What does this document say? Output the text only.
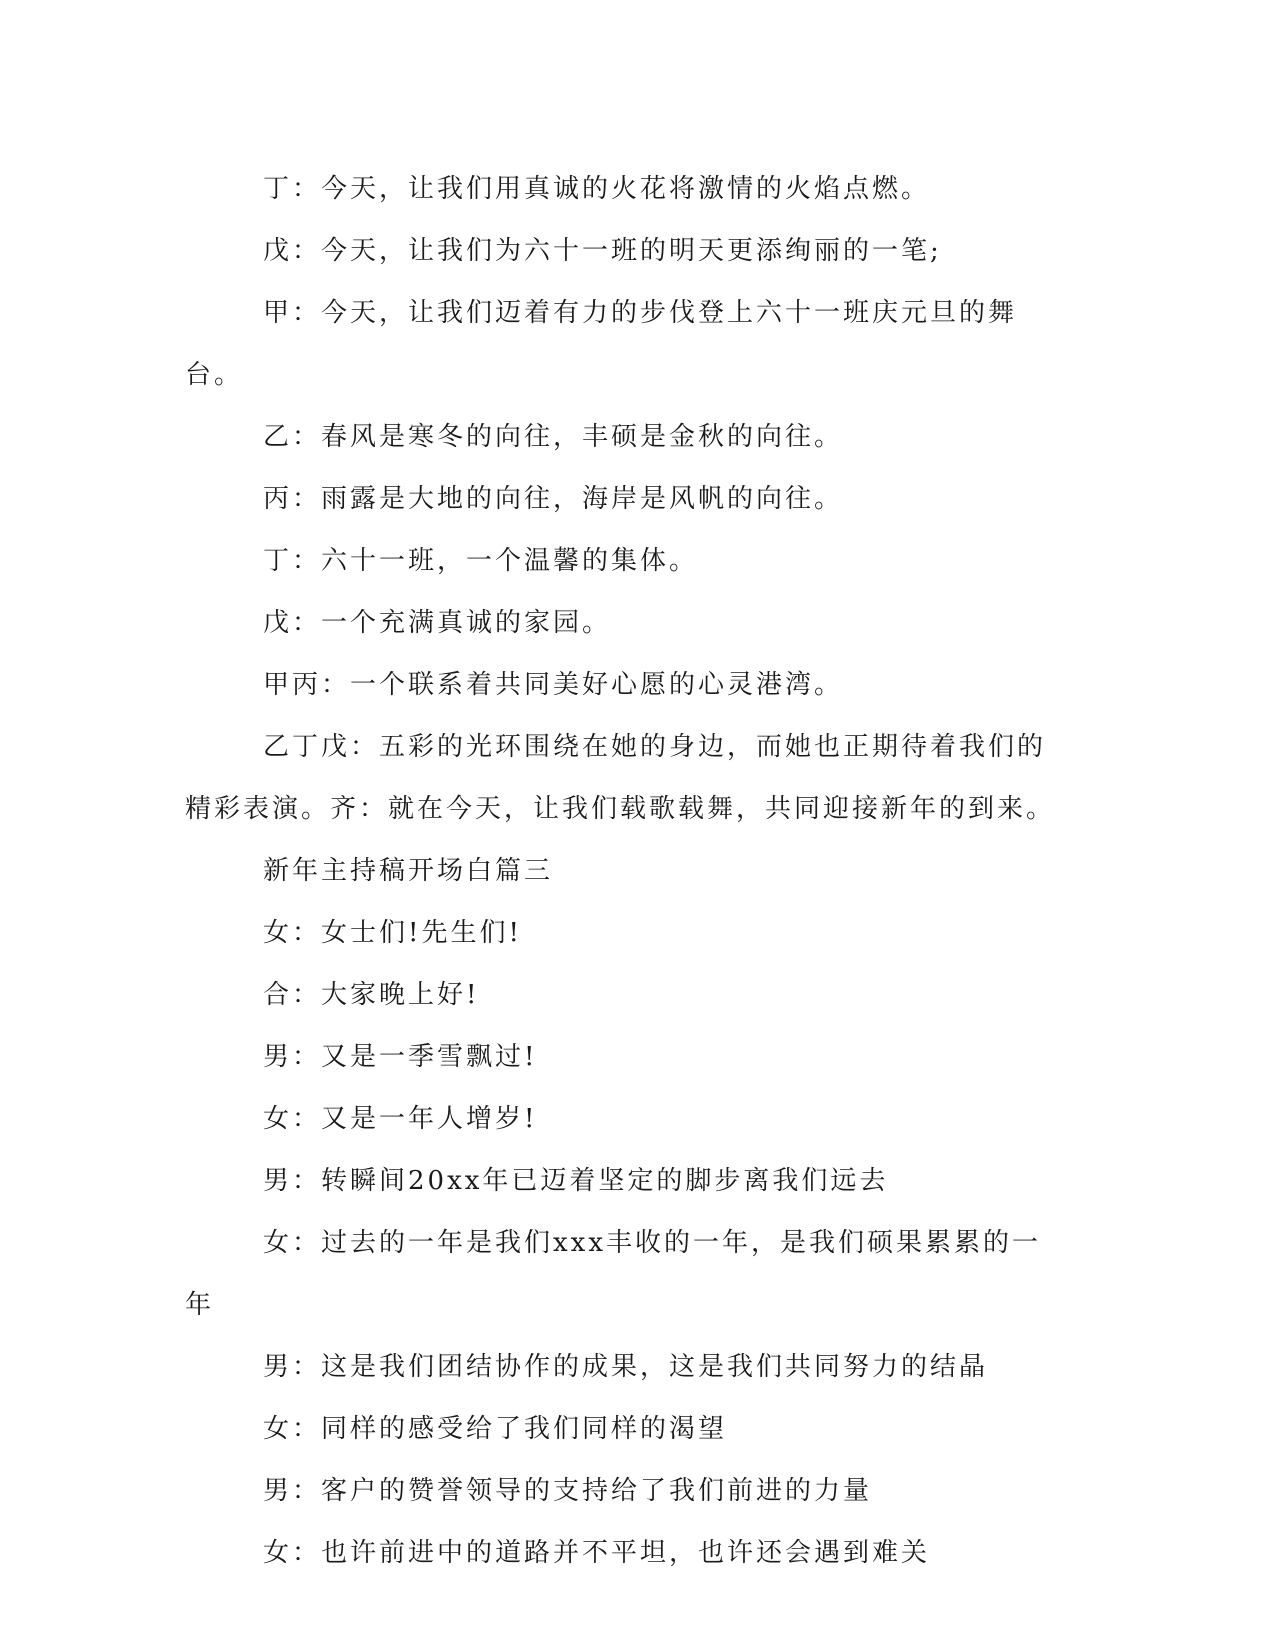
丁：今天，让我们用真诚的火花将激情的火焰点燃。

戊：今天，让我们为六十一班的明天更添绚丽的一笔;

甲：今天，让我们迈着有力的步伐登上六十一班庆元旦的舞台。

乙：春风是寒冬的向往，丰硕是金秋的向往。

丙：雨露是大地的向往，海岸是风帆的向往。

丁：六十一班，一个温馨的集体。

戊：一个充满真诚的家园。

甲丙：一个联系着共同美好心愿的心灵港湾。

乙丁戊：五彩的光环围绕在她的身边，而她也正期待着我们的精彩表演。齐：就在今天，让我们载歌载舞，共同迎接新年的到来。

新年主持稿开场白篇三

女：女士们!先生们!

合：大家晚上好!

男：又是一季雪飘过!

女：又是一年人增岁!

男：转瞬间20xx年已迈着坚定的脚步离我们远去

女：过去的一年是我们xxx丰收的一年，是我们硕果累累的一年

男：这是我们团结协作的成果，这是我们共同努力的结晶

女：同样的感受给了我们同样的渴望

男：客户的赞誉领导的支持给了我们前进的力量

女：也许前进中的道路并不平坦，也许还会遇到难关
